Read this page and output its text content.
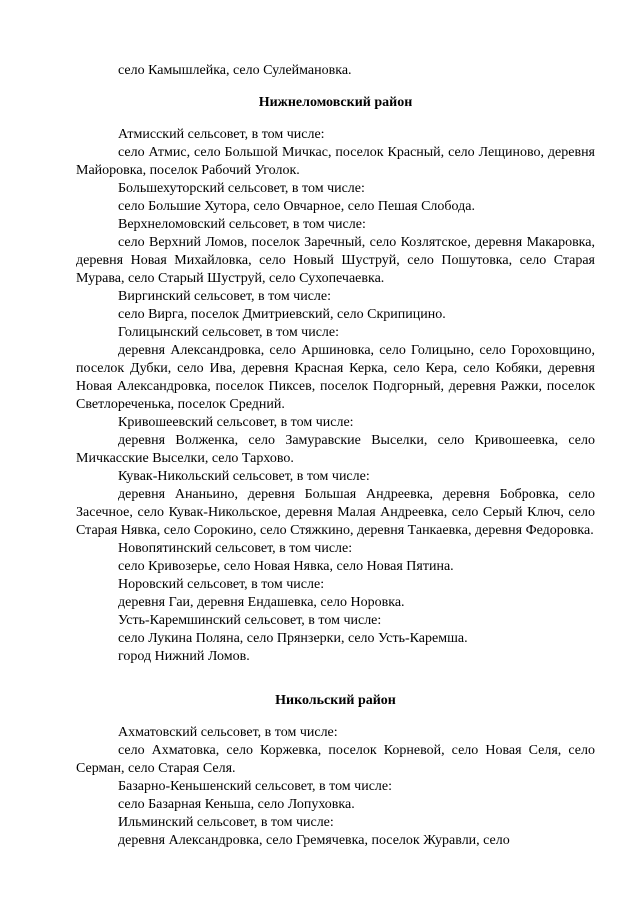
село Камышлейка, село Сулеймановка.

Нижнеломовский район

Атмисский сельсовет, в том числе:

село Атмис, село Большой Мичкас, поселок Красный, село Лещиново, деревня Майоровка, поселок Рабочий Уголок.

Большехуторский сельсовет, в том числе:

село Большие Хутора, село Овчарное, село Пешая Слобода.

Верхнеломовский сельсовет, в том числе:

село Верхний Ломов, поселок Заречный, село Козлятское, деревня Макаровка, деревня Новая Михайловка, село Новый Шуструй, село Пошутовка, село Старая Мурава, село Старый Шуструй, село Сухопечаевка.

Виргинский сельсовет, в том числе:

село Вирга, поселок Дмитриевский, село Скрипицино.

Голицынский сельсовет, в том числе:

деревня Александровка, село Аршиновка, село Голицыно, село Гороховщино, поселок Дубки, село Ива, деревня Красная Керка, село Кера, село Кобяки, деревня Новая Александровка, поселок Пиксев, поселок Подгорный, деревня Ражки, поселок Светлореченька, поселок Средний.

Кривошеевский сельсовет, в том числе:

деревня Волженка, село Замуравские Выселки, село Кривошеевка, село Мичкасские Выселки, село Тархово.

Кувак-Никольский сельсовет, в том числе:

деревня Ананьино, деревня Большая Андреевка, деревня Бобровка, село Засечное, село Кувак-Никольское, деревня Малая Андреевка, село Серый Ключ, село Старая Нявка, село Сорокино, село Стяжкино, деревня Танкаевка, деревня Федоровка.

Новопятинский сельсовет, в том числе:

село Кривозерье, село Новая Нявка, село Новая Пятина.

Норовский сельсовет, в том числе:

деревня Гаи, деревня Ендашевка, село Норовка.

Усть-Каремшинский сельсовет, в том числе:

село Лукина Поляна, село Прянзерки, село Усть-Каремша.

город Нижний Ломов.

Никольский район

Ахматовский сельсовет, в том числе:

село Ахматовка, село Коржевка, поселок Корневой, село Новая Селя, село Серман, село Старая Селя.

Базарно-Кеньшенский сельсовет, в том числе:

село Базарная Кеньша, село Лопуховка.

Ильминский сельсовет, в том числе:

деревня Александровка, село Гремячевка, поселок Журавли, село
